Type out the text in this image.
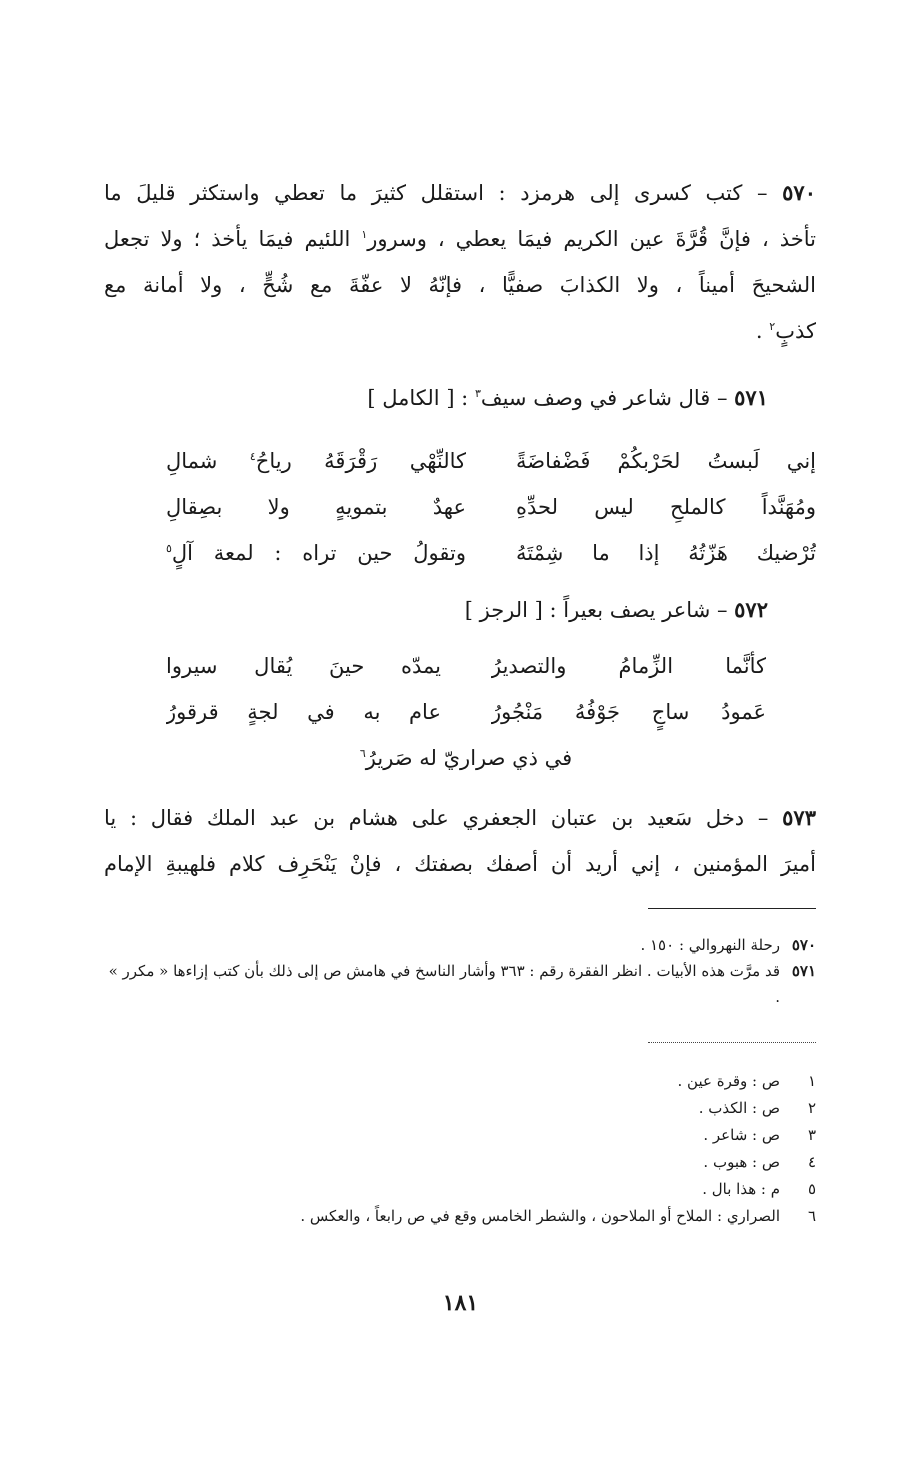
٥٧٠ – كتب كسرى إلى هرمزد : استقلل كثيرَ ما تعطي واستكثر قليلَ ما
تأخذ ، فإنَّ قُرَّةَ عين الكريم فيمَا يعطي ، وسرور$^١$ اللئيم فيمَا يأخذ ؛ ولا تجعل
الشحيحَ أميناً ، ولا الكذابَ صفيًّا ، فإنّهُ لا عفّةَ مع شُحٍّ ، ولا أمانة مع
كذبٍ$^٢$ .
٥٧١ – قال شاعر في وصف سيف$^٣$ : [ الكامل ]
إني لَبستُ لحَرْبكُمْ فَضْفاضَةً
كالنِّهْي رَقْرَقَهُ رياحُ$^٤$ شمالِ
ومُهَنَّداً كالملحِ ليس لحدِّهِ
عهدٌ بتمويهٍ ولا بصِقالِ
تُرْضيك هَزّتُهُ إذا ما شِمْتَهُ
وتقولُ حين تراه : لمعة آلٍ$^٥$
٥٧٢ – شاعر يصف بعيراً : [ الرجز ]
كأنَّما الزِّمامُ والتصديرُ
يمدّه حينَ يُقال سيروا
عَمودُ ساجٍ جَوْفُهُ مَنْجُورُ
عام به في لجةٍ قرقورُ
في ذي صراريّ له صَريرُ$^٦$
٥٧٣ – دخل سَعيد بن عتبان الجعفري على هشام بن عبد الملك فقال : يا
أميرَ المؤمنين ، إني أريد أن أصفك بصفتك ، فإنْ يَنْحَرِف كلام فلهيبةِ الإمام
٥٧٠
رحلة النهروالي : ١٥٠ .
٥٧١
قد مرَّت هذه الأبيات . انظر الفقرة رقم : ٣٦٣ وأشار الناسخ في هامش ص إلى ذلك بأن كتب إزاءها « مكرر » .
١
ص : وقرة عين .
٢
ص : الكذب .
٣
ص : شاعر .
٤
ص : هبوب .
٥
م : هذا بال .
٦
الصراري : الملاح أو الملاحون ، والشطر الخامس وقع في ص رابعاً ، والعكس .
١٨١
